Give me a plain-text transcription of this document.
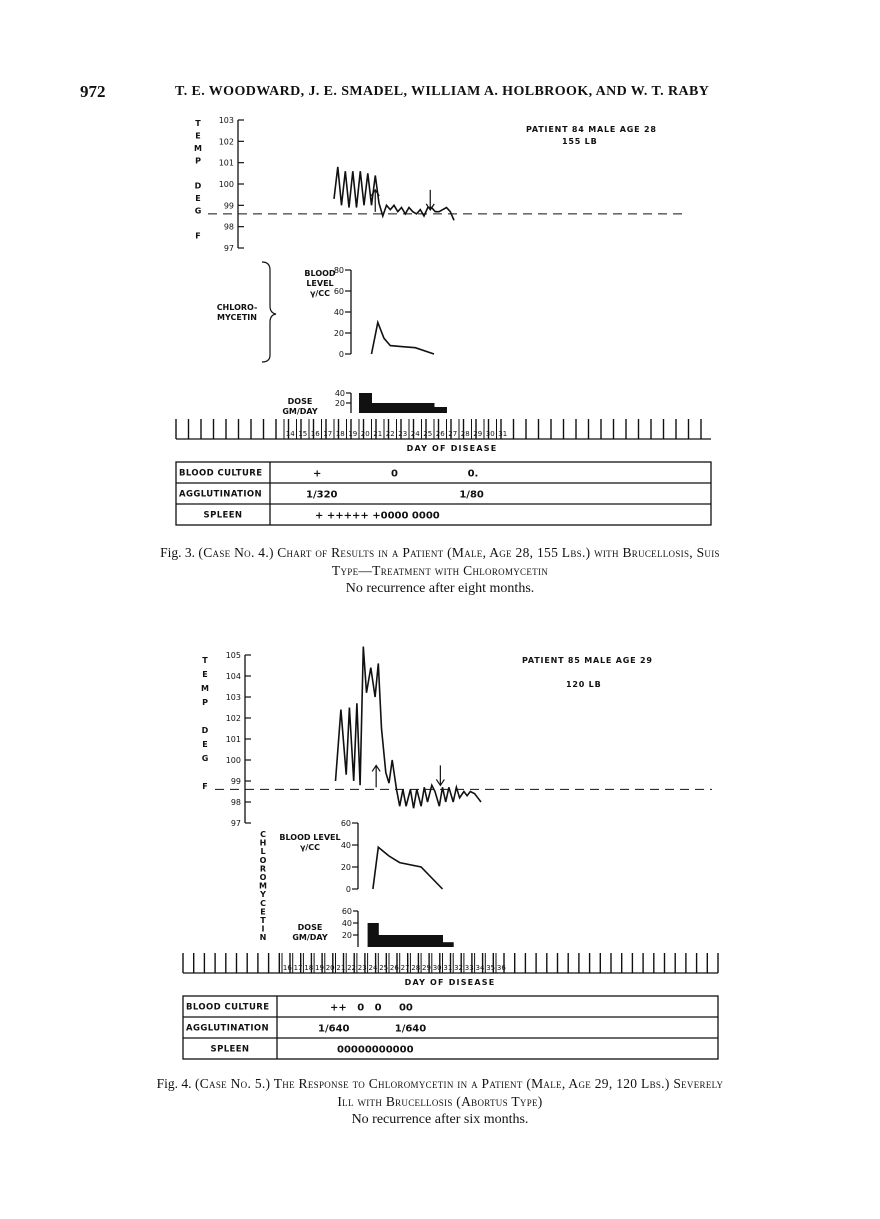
972	T. E. WOODWARD, J. E. SMADEL, WILLIAM A. HOLBROOK, AND W. T. RABY
103
102
101
100
99
98
97
T
E
M
P
D
E
G
F
PATIENT 84 MALE AGE 28
155 LB
80
60
40
20
0
BLOOD
LEVEL
γ/CC
40
20
DOSE
GM/DAY
14 15 16 17 18 19 20 21 22 23 24 25 26 27 28 29 30 31
DAY OF DISEASE
BLOOD CULTURE	+                    0                    0.
AGGLUTINATION	1/320                                   1/80
SPLEEN	+ +++++ +0000 0000
CHLORO-
MYCETIN
Fig. 3. (Case No. 4.) Chart of Results in a Patient (Male, Age 28, 155 Lbs.) with Brucellosis, Suis Type—Treatment with Chloromycetin
No recurrence after eight months.
105
104
103
102
101
100
99
98
97
T
E
M
P
D
E
G
F
PATIENT 85 MALE AGE 29
120 LB
60
40
20
0
BLOOD LEVEL
γ/CC
60
40
20
DOSE
GM/DAY
16 17 18 19 20 21 22 23 24 25 26 27 28 29 30 31 32 33 34 35 36
DAY OF DISEASE
BLOOD CULTURE	++   0   0     00
AGGLUTINATION	1/640             1/640
SPLEEN	00000000000
C H L O R O M Y C E T I N
Fig. 4. (Case No. 5.) The Response to Chloromycetin in a Patient (Male, Age 29, 120 Lbs.) Severely Ill with Brucellosis (Abortus Type)
No recurrence after six months.
